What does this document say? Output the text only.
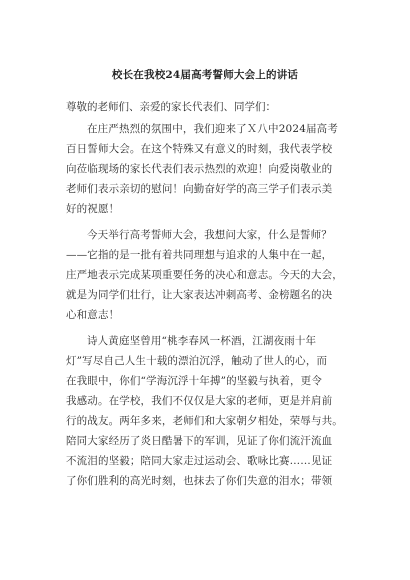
校长在我校24届高考誓师大会上的讲话
尊敬的老师们、亲爱的家长代表们、同学们：
在庄严热烈的氛围中，我们迎来了Ｘ八中2024届高考
百日誓师大会。在这个特殊又有意义的时刻，我代表学校
向莅临现场的家长代表们表示热烈的欢迎！向爱岗敬业的
老师们表示亲切的慰问！向勤奋好学的高三学子们表示美
好的祝愿！
今天举行高考誓师大会，我想问大家，什么是誓师？
——它指的是一批有着共同理想与追求的人集中在一起，
庄严地表示完成某项重要任务的决心和意志。今天的大会，
就是为同学们壮行，让大家表达冲刺高考、金榜题名的决
心和意志！
诗人黄庭坚曾用“桃李春风一杯酒，江湖夜雨十年
灯”写尽自己人生十载的漂泊沉浮，触动了世人的心，而
在我眼中，你们“学海沉浮十年搏”的坚毅与执着，更令
我感动。在学校，我们不仅仅是大家的老师，更是并肩前
行的战友。两年多来，老师们和大家朝夕相处，荣辱与共。
陪同大家经历了炎日酷暑下的军训，见证了你们流汗流血
不流泪的坚毅；陪同大家走过运动会、歌咏比赛……见证
了你们胜利的高光时刻，也抹去了你们失意的泪水；带领
